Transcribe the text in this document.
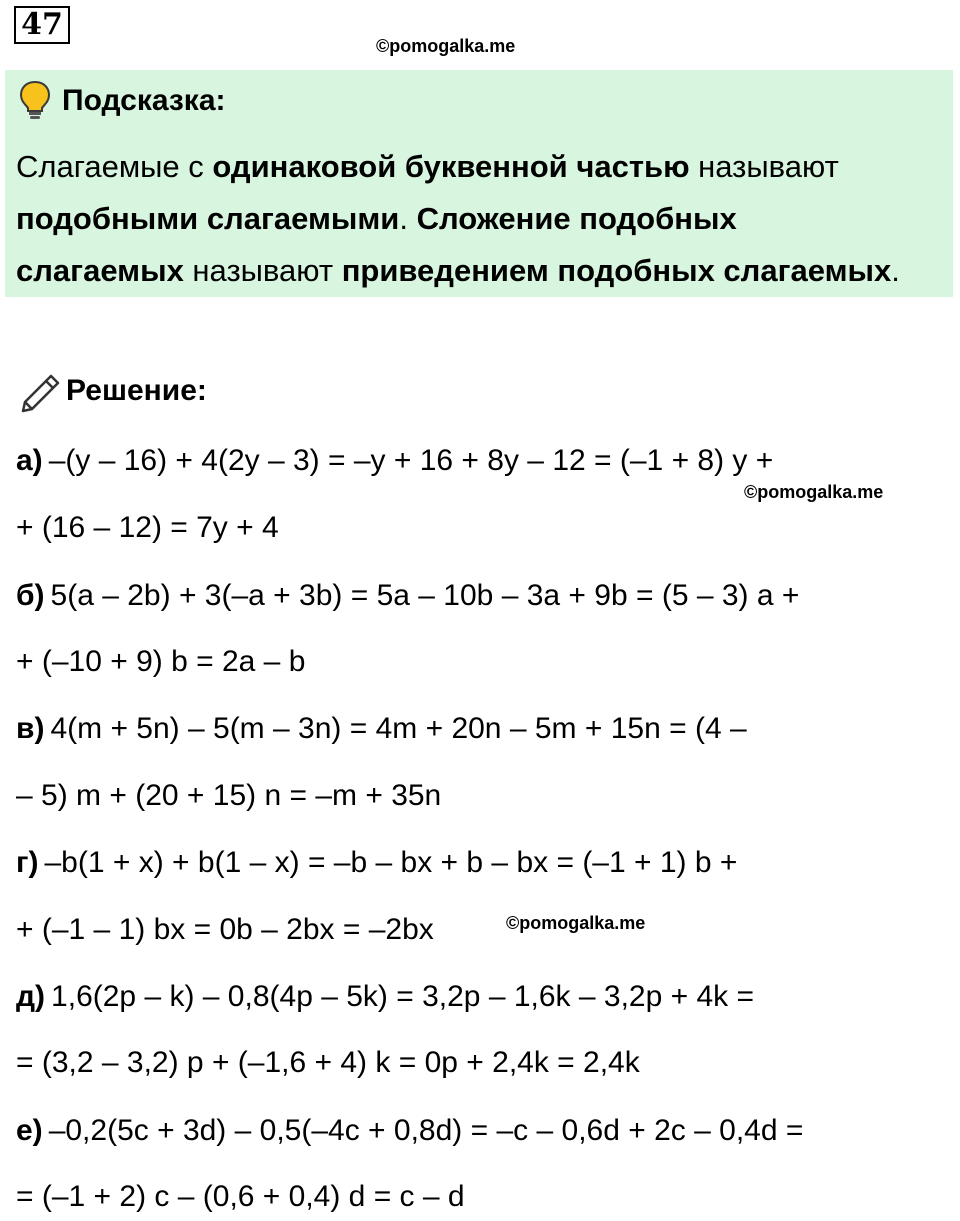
47
©pomogalka.me
Подсказка:
Слагаемые с одинаковой буквенной частью называют
подобными слагаемыми. Сложение подобных
слагаемых называют приведением подобных слагаемых.
Решение:
а) –(y – 16) + 4(2y – 3) = –y + 16 + 8y – 12 = (–1 + 8) y +
©pomogalka.me
+ (16 – 12) = 7y + 4
б) 5(a – 2b) + 3(–a + 3b) = 5a – 10b – 3a + 9b = (5 – 3) a +
+ (–10 + 9) b = 2a – b
в) 4(m + 5n) – 5(m – 3n) = 4m + 20n – 5m + 15n = (4 –
– 5) m + (20 + 15) n = –m + 35n
г) –b(1 + x) + b(1 – x) = –b – bx + b – bx = (–1 + 1) b +
+ (–1 – 1) bx = 0b – 2bx = –2bx	©pomogalka.me
д) 1,6(2p – k) – 0,8(4p – 5k) = 3,2p – 1,6k – 3,2p + 4k =
= (3,2 – 3,2) p + (–1,6 + 4) k = 0p + 2,4k = 2,4k
е) –0,2(5c + 3d) – 0,5(–4c + 0,8d) = –c – 0,6d + 2c – 0,4d =
= (–1 + 2) c – (0,6 + 0,4) d = c – d
